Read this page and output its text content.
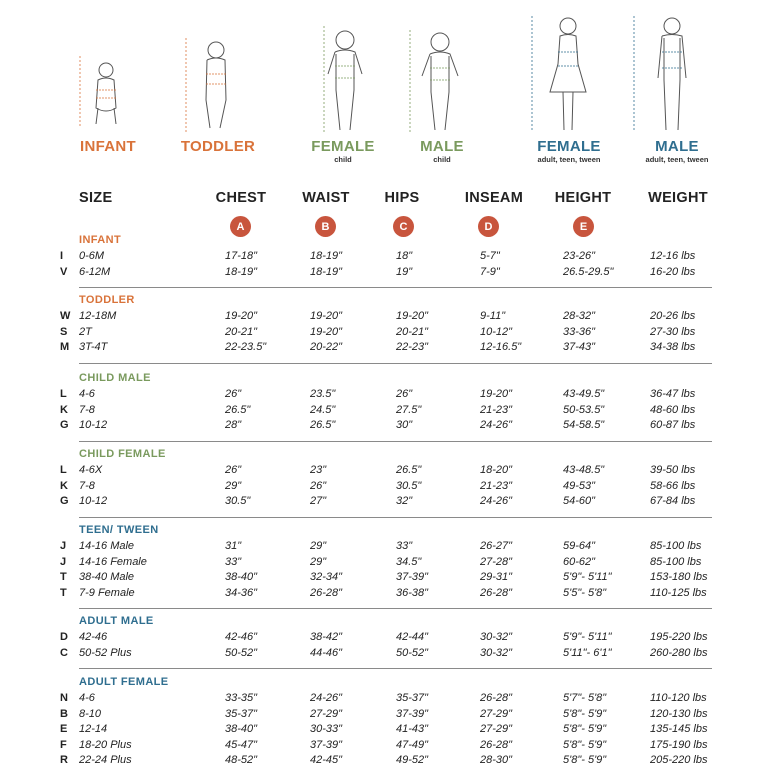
INFANT	TODDLER	FEMALE
child
MALE
child
FEMALE
adult, teen, tween
MALE
adult, teen, tween
SIZE	CHEST	WAIST	HIPS	INSEAM	HEIGHT	WEIGHT
A	B	C	D	E
INFANT
I 0-6M	17-18"	18-19"	18"	5-7"	23-26"	12-16 lbs
V 6-12M	18-19"	18-19"	19"	7-9"	26.5-29.5"	16-20 lbs
TODDLER
W 12-18M	19-20"	19-20"	19-20"	9-11"	28-32"	20-26 lbs
S 2T	20-21"	19-20"	20-21"	10-12"	33-36"	27-30 lbs
M 3T-4T	22-23.5"	20-22"	22-23"	12-16.5"	37-43"	34-38 lbs
CHILD MALE
L 4-6	26"	23.5"	26"	19-20"	43-49.5"	36-47 lbs
K 7-8	26.5"	24.5"	27.5"	21-23"	50-53.5"	48-60 lbs
G 10-12	28"	26.5"	30"	24-26"	54-58.5"	60-87 lbs
CHILD FEMALE
L 4-6X	26"	23"	26.5"	18-20"	43-48.5"	39-50 lbs
K 7-8	29"	26"	30.5"	21-23"	49-53"	58-66 lbs
G 10-12	30.5"	27"	32"	24-26"	54-60"	67-84 lbs
TEEN/ TWEEN
J 14-16 Male	31"	29"	33"	26-27"	59-64"	85-100 lbs
J 14-16 Female	33"	29"	34.5"	27-28"	60-62"	85-100 lbs
T 38-40 Male	38-40"	32-34"	37-39"	29-31"	5'9"- 5'11"	153-180 lbs
T 7-9 Female	34-36"	26-28"	36-38"	26-28"	5'5"- 5'8"	110-125 lbs
ADULT MALE
D 42-46	42-46"	38-42"	42-44"	30-32"	5'9"- 5'11"	195-220 lbs
C 50-52 Plus	50-52"	44-46"	50-52"	30-32"	5'11"- 6'1"	260-280 lbs
ADULT FEMALE
N 4-6	33-35"	24-26"	35-37"	26-28"	5'7"- 5'8"	110-120 lbs
B 8-10	35-37"	27-29"	37-39"	27-29"	5'8"- 5'9"	120-130 lbs
E 12-14	38-40"	30-33"	41-43"	27-29"	5'8"- 5'9"	135-145 lbs
F 18-20 Plus	45-47"	37-39"	47-49"	26-28"	5'8"- 5'9"	175-190 lbs
R 22-24 Plus	48-52"	42-45"	49-52"	28-30"	5'8"- 5'9"	205-220 lbs
